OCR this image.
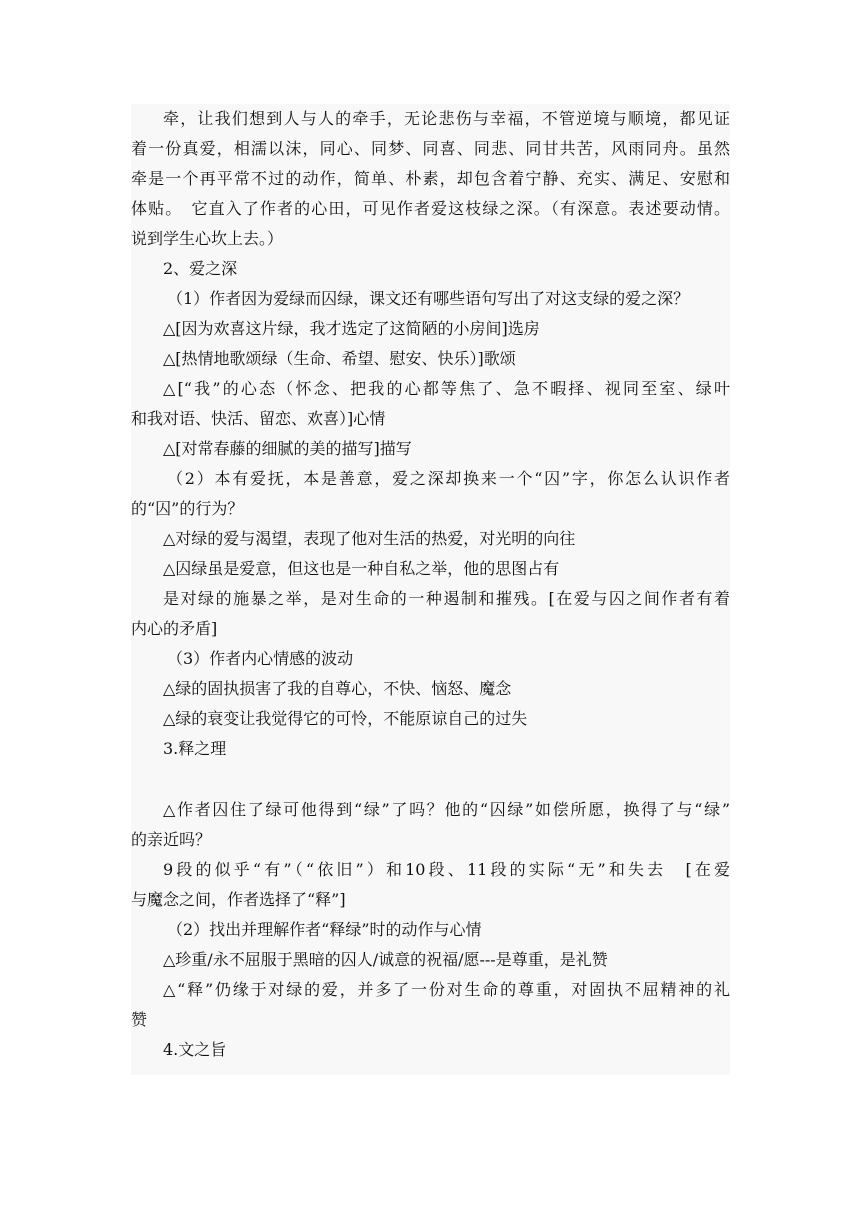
牵，让我们想到人与人的牵手，无论悲伤与幸福，不管逆境与顺境，都见证
着一份真爱，相濡以沫，同心、同梦、同喜、同悲、同甘共苦，风雨同舟。虽然
牵是一个再平常不过的动作，简单、朴素，却包含着宁静、充实、满足、安慰和
体贴。　它直入了作者的心田，可见作者爱这枝绿之深。（有深意。表述要动情。
说到学生心坎上去。）
2、爱之深
（1）作者因为爱绿而囚绿，课文还有哪些语句写出了对这支绿的爱之深？
△[因为欢喜这片绿，我才选定了这简陋的小房间]选房
△[热情地歌颂绿（生命、希望、慰安、快乐）]歌颂
△[“我”的心态（怀念、把我的心都等焦了、急不暇择、视同至室、绿叶
和我对语、快活、留恋、欢喜）]心情
△[对常春藤的细腻的美的描写]描写
（2）本有爱抚，本是善意，爱之深却换来一个“囚”字，你怎么认识作者
的“囚”的行为？
△对绿的爱与渴望，表现了他对生活的热爱，对光明的向往
△囚绿虽是爱意，但这也是一种自私之举，他的思图占有
是对绿的施暴之举，是对生命的一种遏制和摧残。[在爱与囚之间作者有着
内心的矛盾]
（3）作者内心情感的波动
△绿的固执损害了我的自尊心，不快、恼怒、魔念
△绿的衰变让我觉得它的可怜，不能原谅自己的过失
3.释之理
△作者囚住了绿可他得到“绿”了吗？他的“囚绿”如偿所愿，换得了与“绿”
的亲近吗？
9段的似乎“有”（“依旧”）和10段、11段的实际“无”和失去　[在爱
与魔念之间，作者选择了“释”]
（2）找出并理解作者“释绿”时的动作与心情
△珍重/永不屈服于黑暗的囚人/诚意的祝福/愿---是尊重，是礼赞
△“释”仍缘于对绿的爱，并多了一份对生命的尊重，对固执不屈精神的礼
赞
4.文之旨
